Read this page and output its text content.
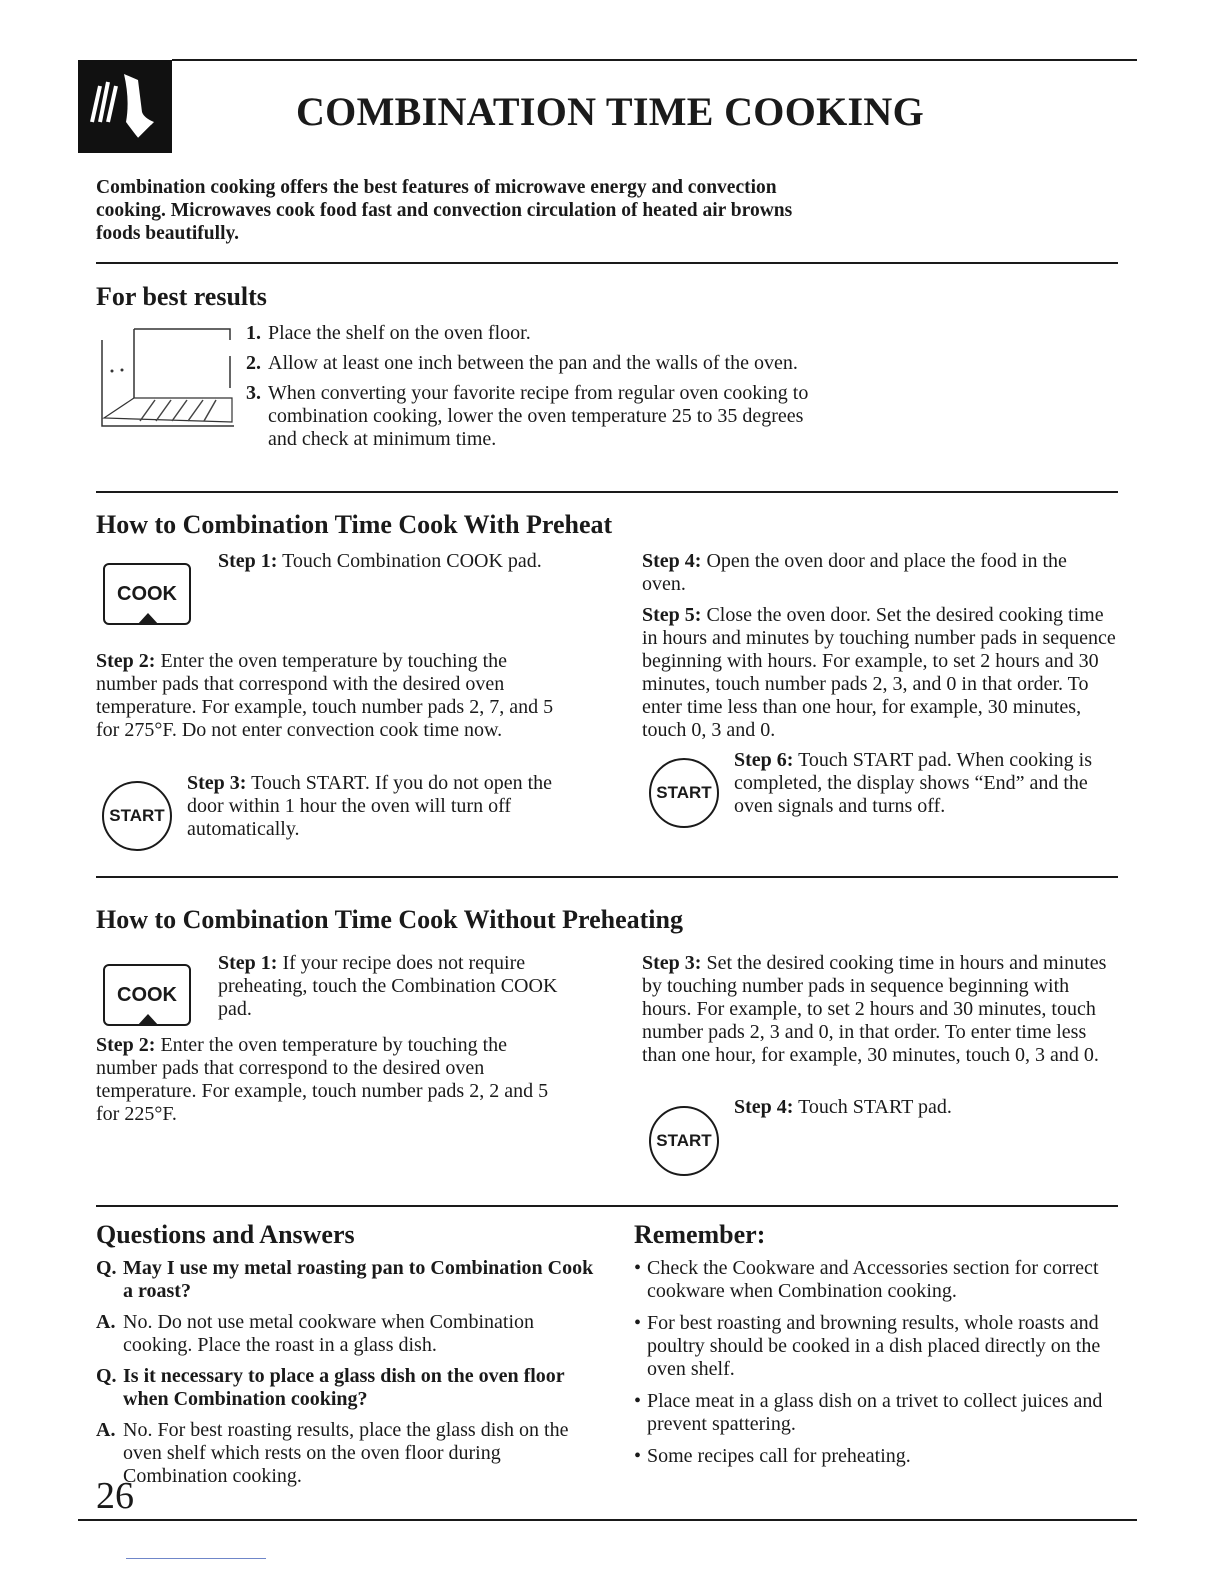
COMBINATION TIME COOKING
Combination cooking offers the best features of microwave energy and convection cooking. Microwaves cook food fast and convection circulation of heated air browns foods beautifully.
For best results
1. Place the shelf on the oven floor.
2. Allow at least one inch between the pan and the walls of the oven.
3. When converting your favorite recipe from regular oven cooking to combination cooking, lower the oven temperature 25 to 35 degrees and check at minimum time.
How to Combination Time Cook With Preheat
COOK
Step 1: Touch Combination COOK pad.
Step 2: Enter the oven temperature by touching the number pads that correspond with the desired oven temperature. For example, touch number pads 2, 7, and 5 for 275°F. Do not enter convection cook time now.
START
Step 3: Touch START. If you do not open the door within 1 hour the oven will turn off automatically.
Step 4: Open the oven door and place the food in the oven.
Step 5: Close the oven door. Set the desired cooking time in hours and minutes by touching number pads in sequence beginning with hours. For example, to set 2 hours and 30 minutes, touch number pads 2, 3, and 0 in that order. To enter time less than one hour, for example, 30 minutes, touch 0, 3 and 0.
START
Step 6: Touch START pad. When cooking is completed, the display shows “End” and the oven signals and turns off.
How to Combination Time Cook Without Preheating
COOK
Step 1: If your recipe does not require preheating, touch the Combination COOK pad.
Step 2: Enter the oven temperature by touching the number pads that correspond to the desired oven temperature. For example, touch number pads 2, 2 and 5 for 225°F.
Step 3: Set the desired cooking time in hours and minutes by touching number pads in sequence beginning with hours. For example, to set 2 hours and 30 minutes, touch number pads 2, 3 and 0, in that order. To enter time less than one hour, for example, 30 minutes, touch 0, 3 and 0.
START
Step 4: Touch START pad.
Questions and Answers
Q. May I use my metal roasting pan to Combination Cook a roast?
A. No. Do not use metal cookware when Combination cooking. Place the roast in a glass dish.
Q. Is it necessary to place a glass dish on the oven floor when Combination cooking?
A. No. For best roasting results, place the glass dish on the oven shelf which rests on the oven floor during Combination cooking.
Remember:
• Check the Cookware and Accessories section for correct cookware when Combination cooking.
• For best roasting and browning results, whole roasts and poultry should be cooked in a dish placed directly on the oven shelf.
• Place meat in a glass dish on a trivet to collect juices and prevent spattering.
• Some recipes call for preheating.
26
